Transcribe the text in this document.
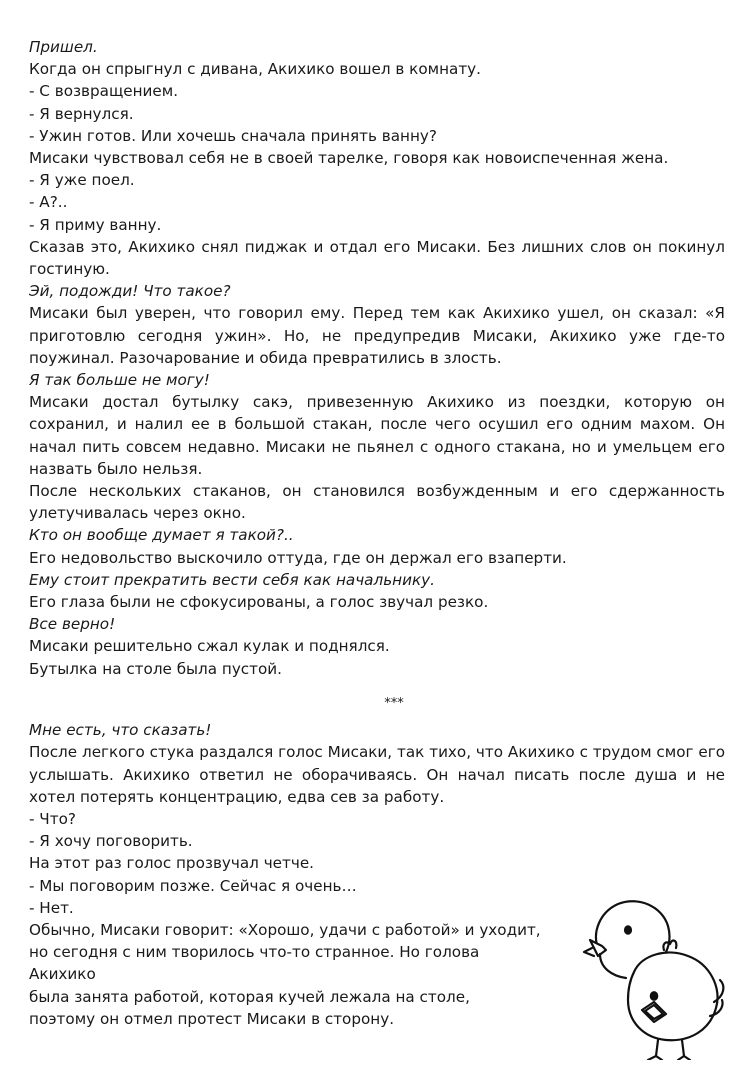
Пришел.

Когда он спрыгнул с дивана, Акихико вошел в комнату.

- С возвращением.

- Я вернулся.

- Ужин готов. Или хочешь сначала принять ванну?

Мисаки чувствовал себя не в своей тарелке, говоря как новоиспеченная жена.

- Я уже поел.

- А?..

- Я приму ванну.

Сказав это, Акихико снял пиджак и отдал его Мисаки. Без лишних слов он покинул гостиную.

Эй, подожди! Что такое?

Мисаки был уверен, что говорил ему. Перед тем как Акихико ушел, он сказал: «Я приготовлю сегодня ужин». Но, не предупредив Мисаки, Акихико уже где-то поужинал. Разочарование и обида превратились в злость.

Я так больше не могу!

Мисаки достал бутылку сакэ, привезенную Акихико из поездки, которую он сохранил, и налил ее в большой стакан, после чего осушил его одним махом. Он начал пить совсем недавно. Мисаки не пьянел с одного стакана, но и умельцем его назвать было нельзя.

После нескольких стаканов, он становился возбужденным и его сдержанность улетучивалась через окно.

Кто он вообще думает я такой?..

Его недовольство выскочило оттуда, где он держал его взаперти.

Ему стоит прекратить вести себя как начальнику.

Его глаза были не сфокусированы, а голос звучал резко.

Все верно!

Мисаки решительно сжал кулак и поднялся.

Бутылка на столе была пустой.

***

Мне есть, что сказать!

После легкого стука раздался голос Мисаки, так тихо, что Акихико с трудом смог его услышать. Акихико ответил не оборачиваясь. Он начал писать после душа и не хотел потерять концентрацию, едва сев за работу.

- Что?

- Я хочу поговорить.

На этот раз голос прозвучал четче.

- Мы поговорим позже. Сейчас я очень…

- Нет.

Обычно, Мисаки говорит: «Хорошо, удачи с работой» и уходит,

но сегодня с ним творилось что-то странное. Но голова Акихико

была занята работой, которая кучей лежала на столе,

поэтому он отмел протест Мисаки в сторону.
